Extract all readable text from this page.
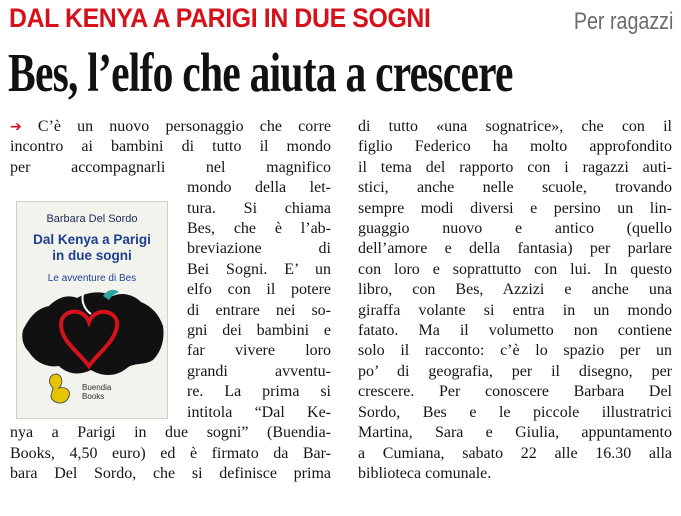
DAL KENYA A PARIGI IN DUE SOGNI	Per ragazzi
Bes, l’elfo che aiuta a crescere
➔ C’è un nuovo personaggio che corre
incontro ai bambini di tutto il mondo
per accompagnarli nel magnifico
mondo della let-
tura. Si chiama
Bes, che è l’ab-
breviazione di
Bei Sogni. E’ un
elfo con il potere
di entrare nei so-
gni dei bambini e
far vivere loro
grandi avventu-
re. La prima si
intitola “Dal Ke-
nya a Parigi in due sogni” (Buendia-
Books, 4,50 euro) ed è firmato da Bar-
bara Del Sordo, che si definisce prima
Barbara Del Sordo
Dal Kenya a Parigi
in due sogni
Le avventure di Bes
Buendia
Books
di tutto «una sognatrice», che con il
figlio Federico ha molto approfondito
il tema del rapporto con i ragazzi auti-
stici, anche nelle scuole, trovando
sempre modi diversi e persino un lin-
guaggio nuovo e antico (quello
dell’amore e della fantasia) per parlare
con loro e soprattutto con lui. In questo
libro, con Bes, Azzizi e anche una
giraffa volante si entra in un mondo
fatato. Ma il volumetto non contiene
solo il racconto: c’è lo spazio per un
po’ di geografia, per il disegno, per
crescere. Per conoscere Barbara Del
Sordo, Bes e le piccole illustratrici
Martina, Sara e Giulia, appuntamento
a Cumiana, sabato 22 alle 16.30 alla
biblioteca comunale.
